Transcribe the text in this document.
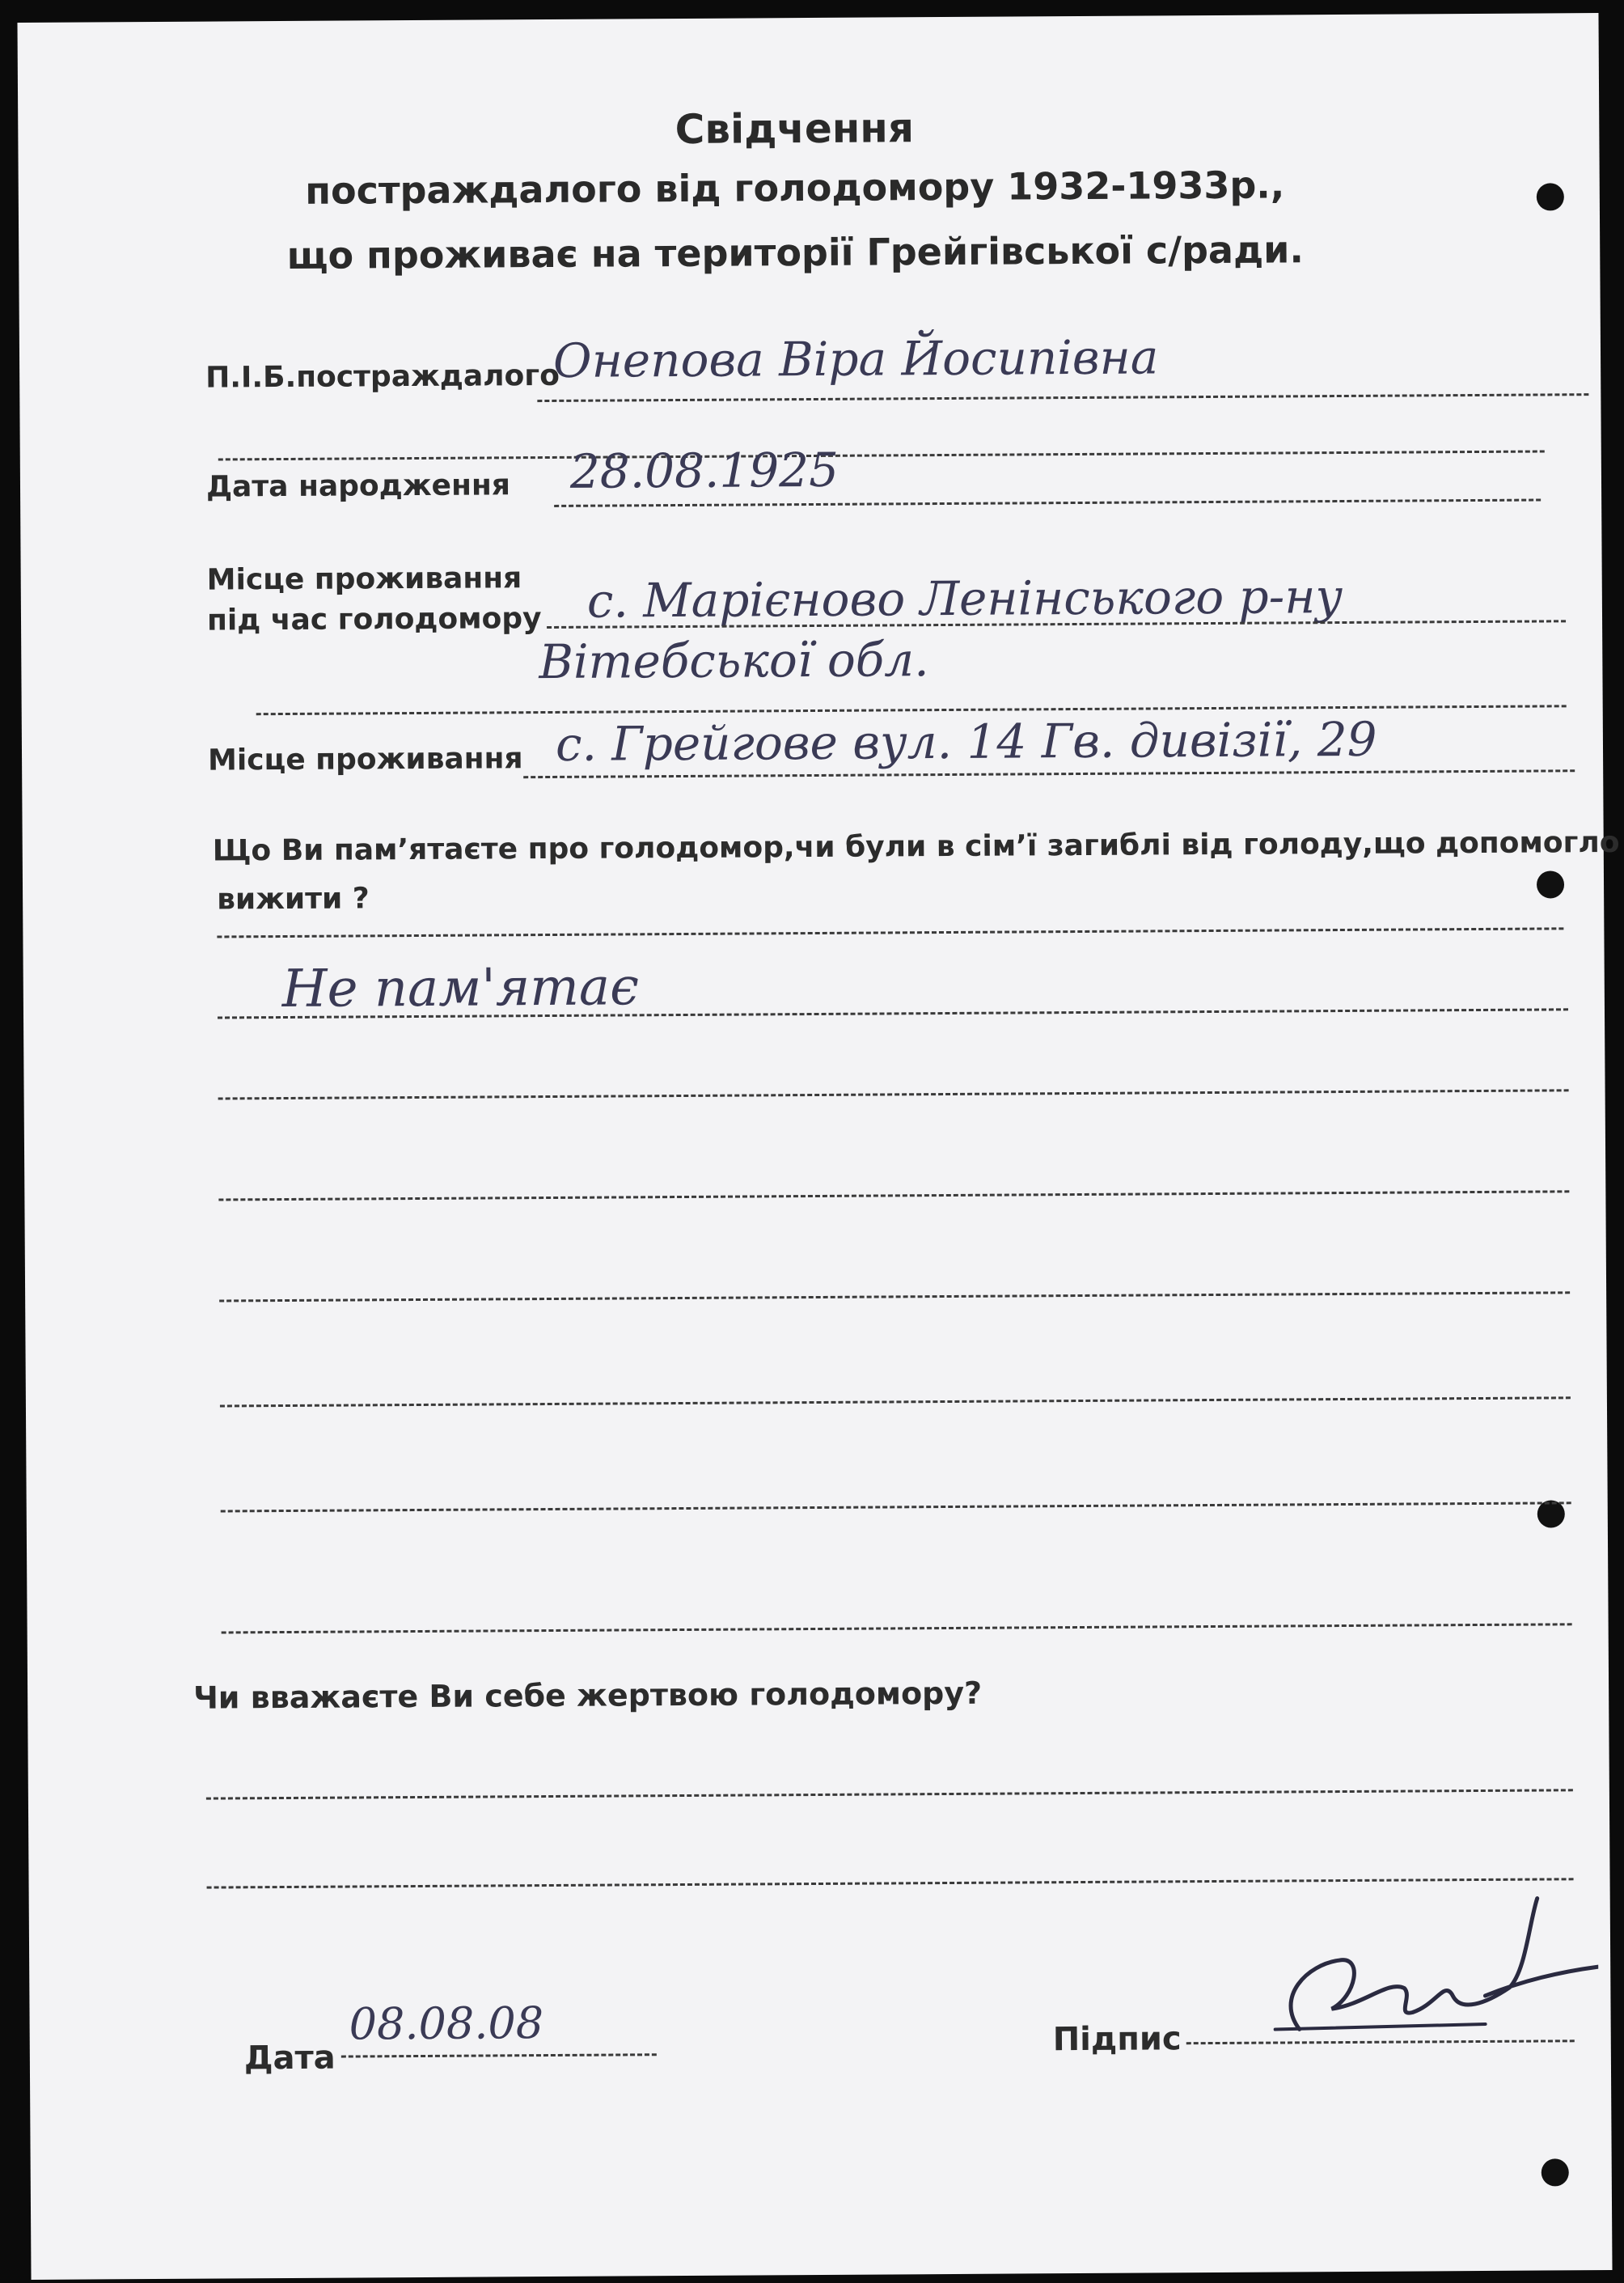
Свідчення
постраждалого від голодомору 1932-1933р.,
що проживає на території Грейгівської с/ради.
П.І.Б.постраждалого
Онепова Віра Йосипівна
Дата народження 28.08.1925
Місце проживання
під час голодомору с. Марієново Ленінського р-ну
Вітебської обл.
Місце проживання с. Грейгове вул. 14 Гв. дивізії, 29
Що Ви пам’ятаєте про голодомор,чи були в сім’ї загиблі від голоду,що допомогло
вижити ?
Не пам'ятає
Чи вважаєте Ви себе жертвою голодомору?
Дата
08.08.08	Підпис
